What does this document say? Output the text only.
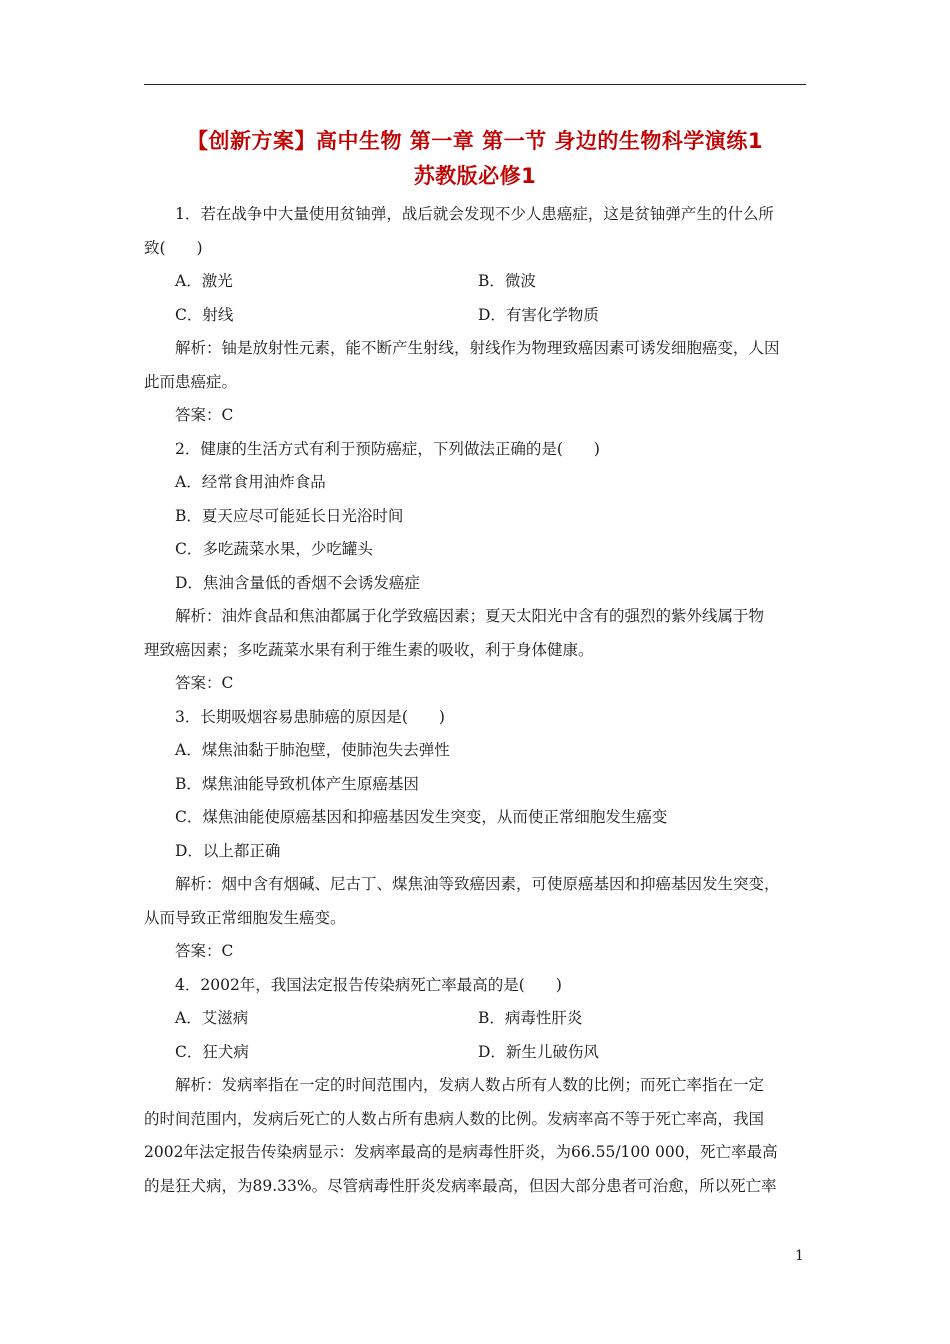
【创新方案】高中生物 第一章 第一节 身边的生物科学演练1
苏教版必修1
1．若在战争中大量使用贫铀弹，战后就会发现不少人患癌症，这是贫铀弹产生的什么所
致(　　)
A．激光	B．微波
C．射线	D．有害化学物质
解析：铀是放射性元素，能不断产生射线，射线作为物理致癌因素可诱发细胞癌变，人因
此而患癌症。
答案：C
2．健康的生活方式有利于预防癌症，下列做法正确的是(　　)
A．经常食用油炸食品
B．夏天应尽可能延长日光浴时间
C．多吃蔬菜水果，少吃罐头
D．焦油含量低的香烟不会诱发癌症
解析：油炸食品和焦油都属于化学致癌因素；夏天太阳光中含有的强烈的紫外线属于物
理致癌因素；多吃蔬菜水果有利于维生素的吸收，利于身体健康。
答案：C
3．长期吸烟容易患肺癌的原因是(　　)
A．煤焦油黏于肺泡壁，使肺泡失去弹性
B．煤焦油能导致机体产生原癌基因
C．煤焦油能使原癌基因和抑癌基因发生突变，从而使正常细胞发生癌变
D．以上都正确
解析：烟中含有烟碱、尼古丁、煤焦油等致癌因素，可使原癌基因和抑癌基因发生突变，
从而导致正常细胞发生癌变。
答案：C
4．2002年，我国法定报告传染病死亡率最高的是(　　)
A．艾滋病	B．病毒性肝炎
C．狂犬病	D．新生儿破伤风
解析：发病率指在一定的时间范围内，发病人数占所有人数的比例；而死亡率指在一定
的时间范围内，发病后死亡的人数占所有患病人数的比例。发病率高不等于死亡率高，我国
2002年法定报告传染病显示：发病率最高的是病毒性肝炎，为66.55/100 000，死亡率最高
的是狂犬病，为89.33%。尽管病毒性肝炎发病率最高，但因大部分患者可治愈，所以死亡率
1
